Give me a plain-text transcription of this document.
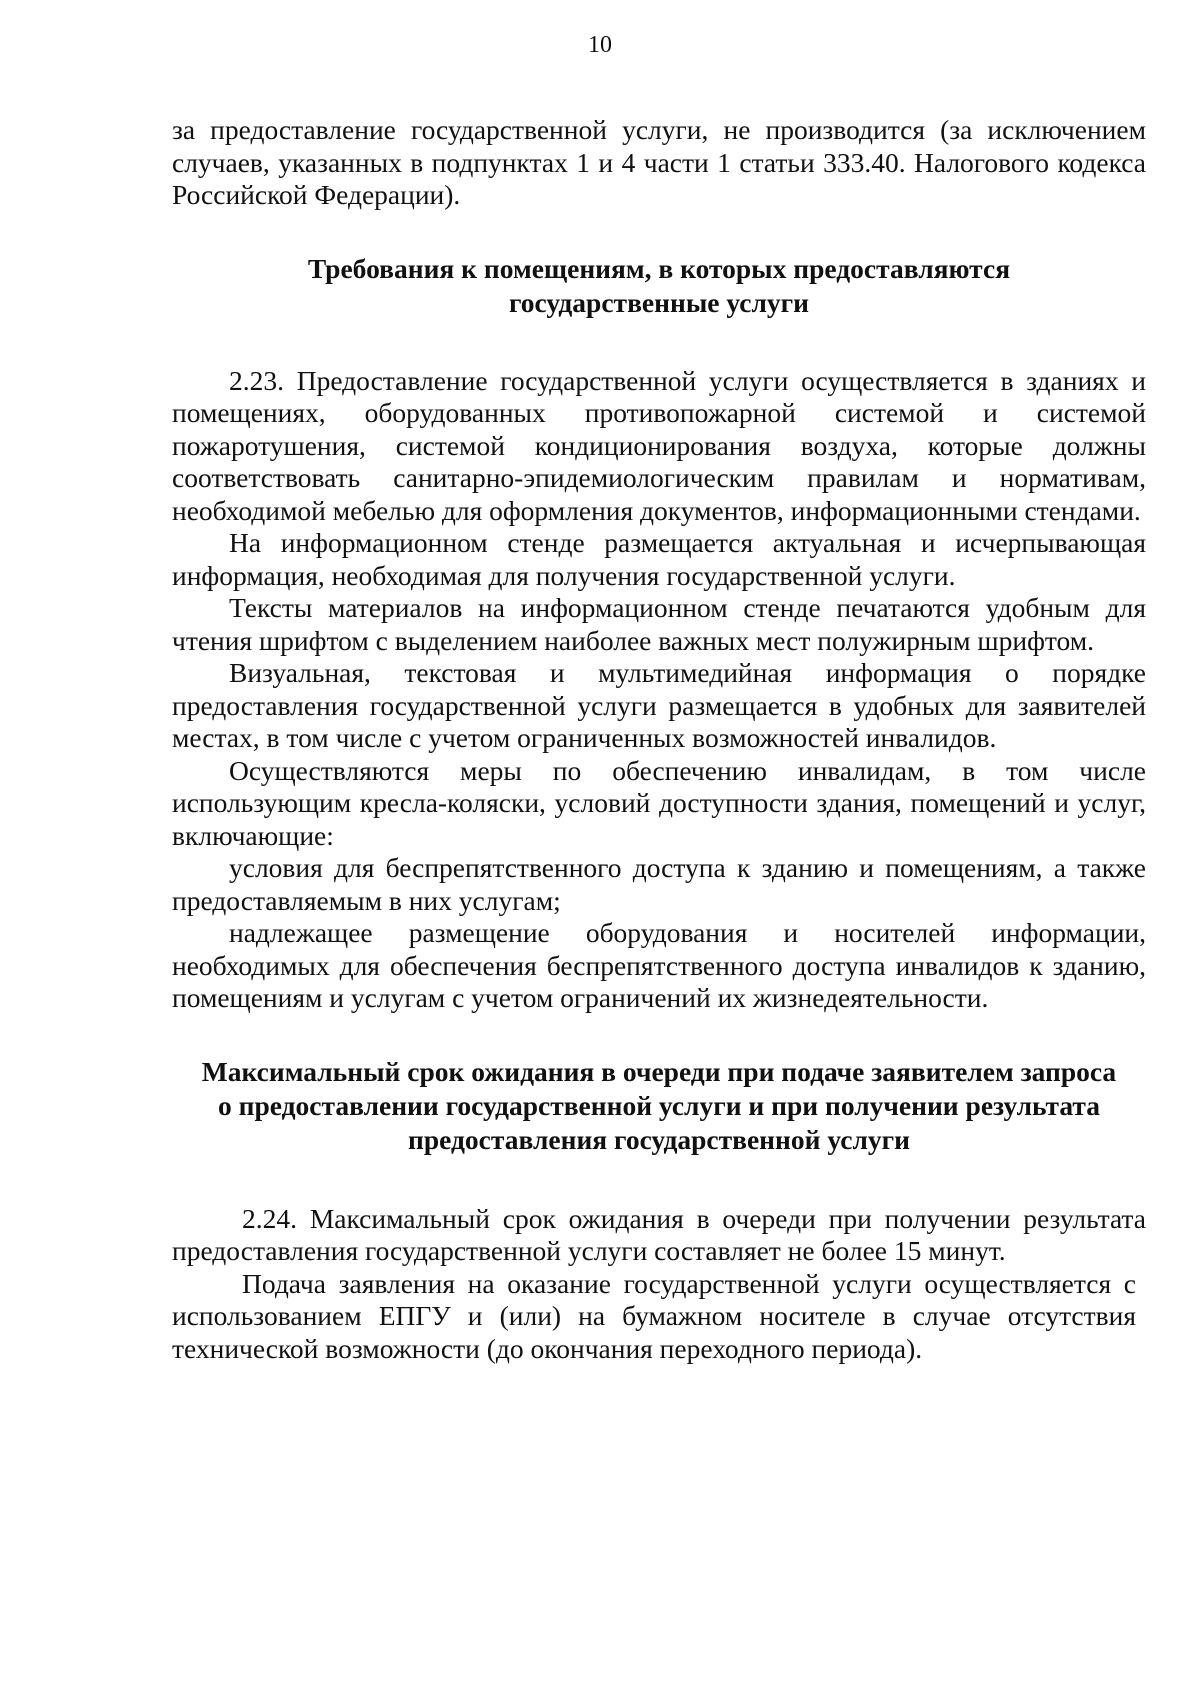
10

за предоставление государственной услуги, не производится (за исключением случаев, указанных в подпунктах 1 и 4 части 1 статьи 333.40. Налогового кодекса Российской Федерации).

Требования к помещениям, в которых предоставляются
государственные услуги

2.23. Предоставление государственной услуги осуществляется в зданиях и помещениях, оборудованных противопожарной системой и системой пожаротушения, системой кондиционирования воздуха, которые должны соответствовать санитарно-эпидемиологическим правилам и нормативам, необходимой мебелью для оформления документов, информационными стендами.

На информационном стенде размещается актуальная и исчерпывающая информация, необходимая для получения государственной услуги.

Тексты материалов на информационном стенде печатаются удобным для чтения шрифтом с выделением наиболее важных мест полужирным шрифтом.

Визуальная, текстовая и мультимедийная информация о порядке предоставления государственной услуги размещается в удобных для заявителей местах, в том числе с учетом ограниченных возможностей инвалидов.

Осуществляются меры по обеспечению инвалидам, в том числе использующим кресла-коляски, условий доступности здания, помещений и услуг, включающие:

условия для беспрепятственного доступа к зданию и помещениям, а также предоставляемым в них услугам;

надлежащее размещение оборудования и носителей информации, необходимых для обеспечения беспрепятственного доступа инвалидов к зданию, помещениям и услугам с учетом ограничений их жизнедеятельности.

Максимальный срок ожидания в очереди при подаче заявителем запроса
о предоставлении государственной услуги и при получении результата
предоставления государственной услуги

2.24. Максимальный срок ожидания в очереди при получении результата предоставления государственной услуги составляет не более 15 минут.

Подача заявления на оказание государственной услуги осуществляется с использованием ЕПГУ и (или) на бумажном носителе в случае отсутствия технической возможности (до окончания переходного периода).
